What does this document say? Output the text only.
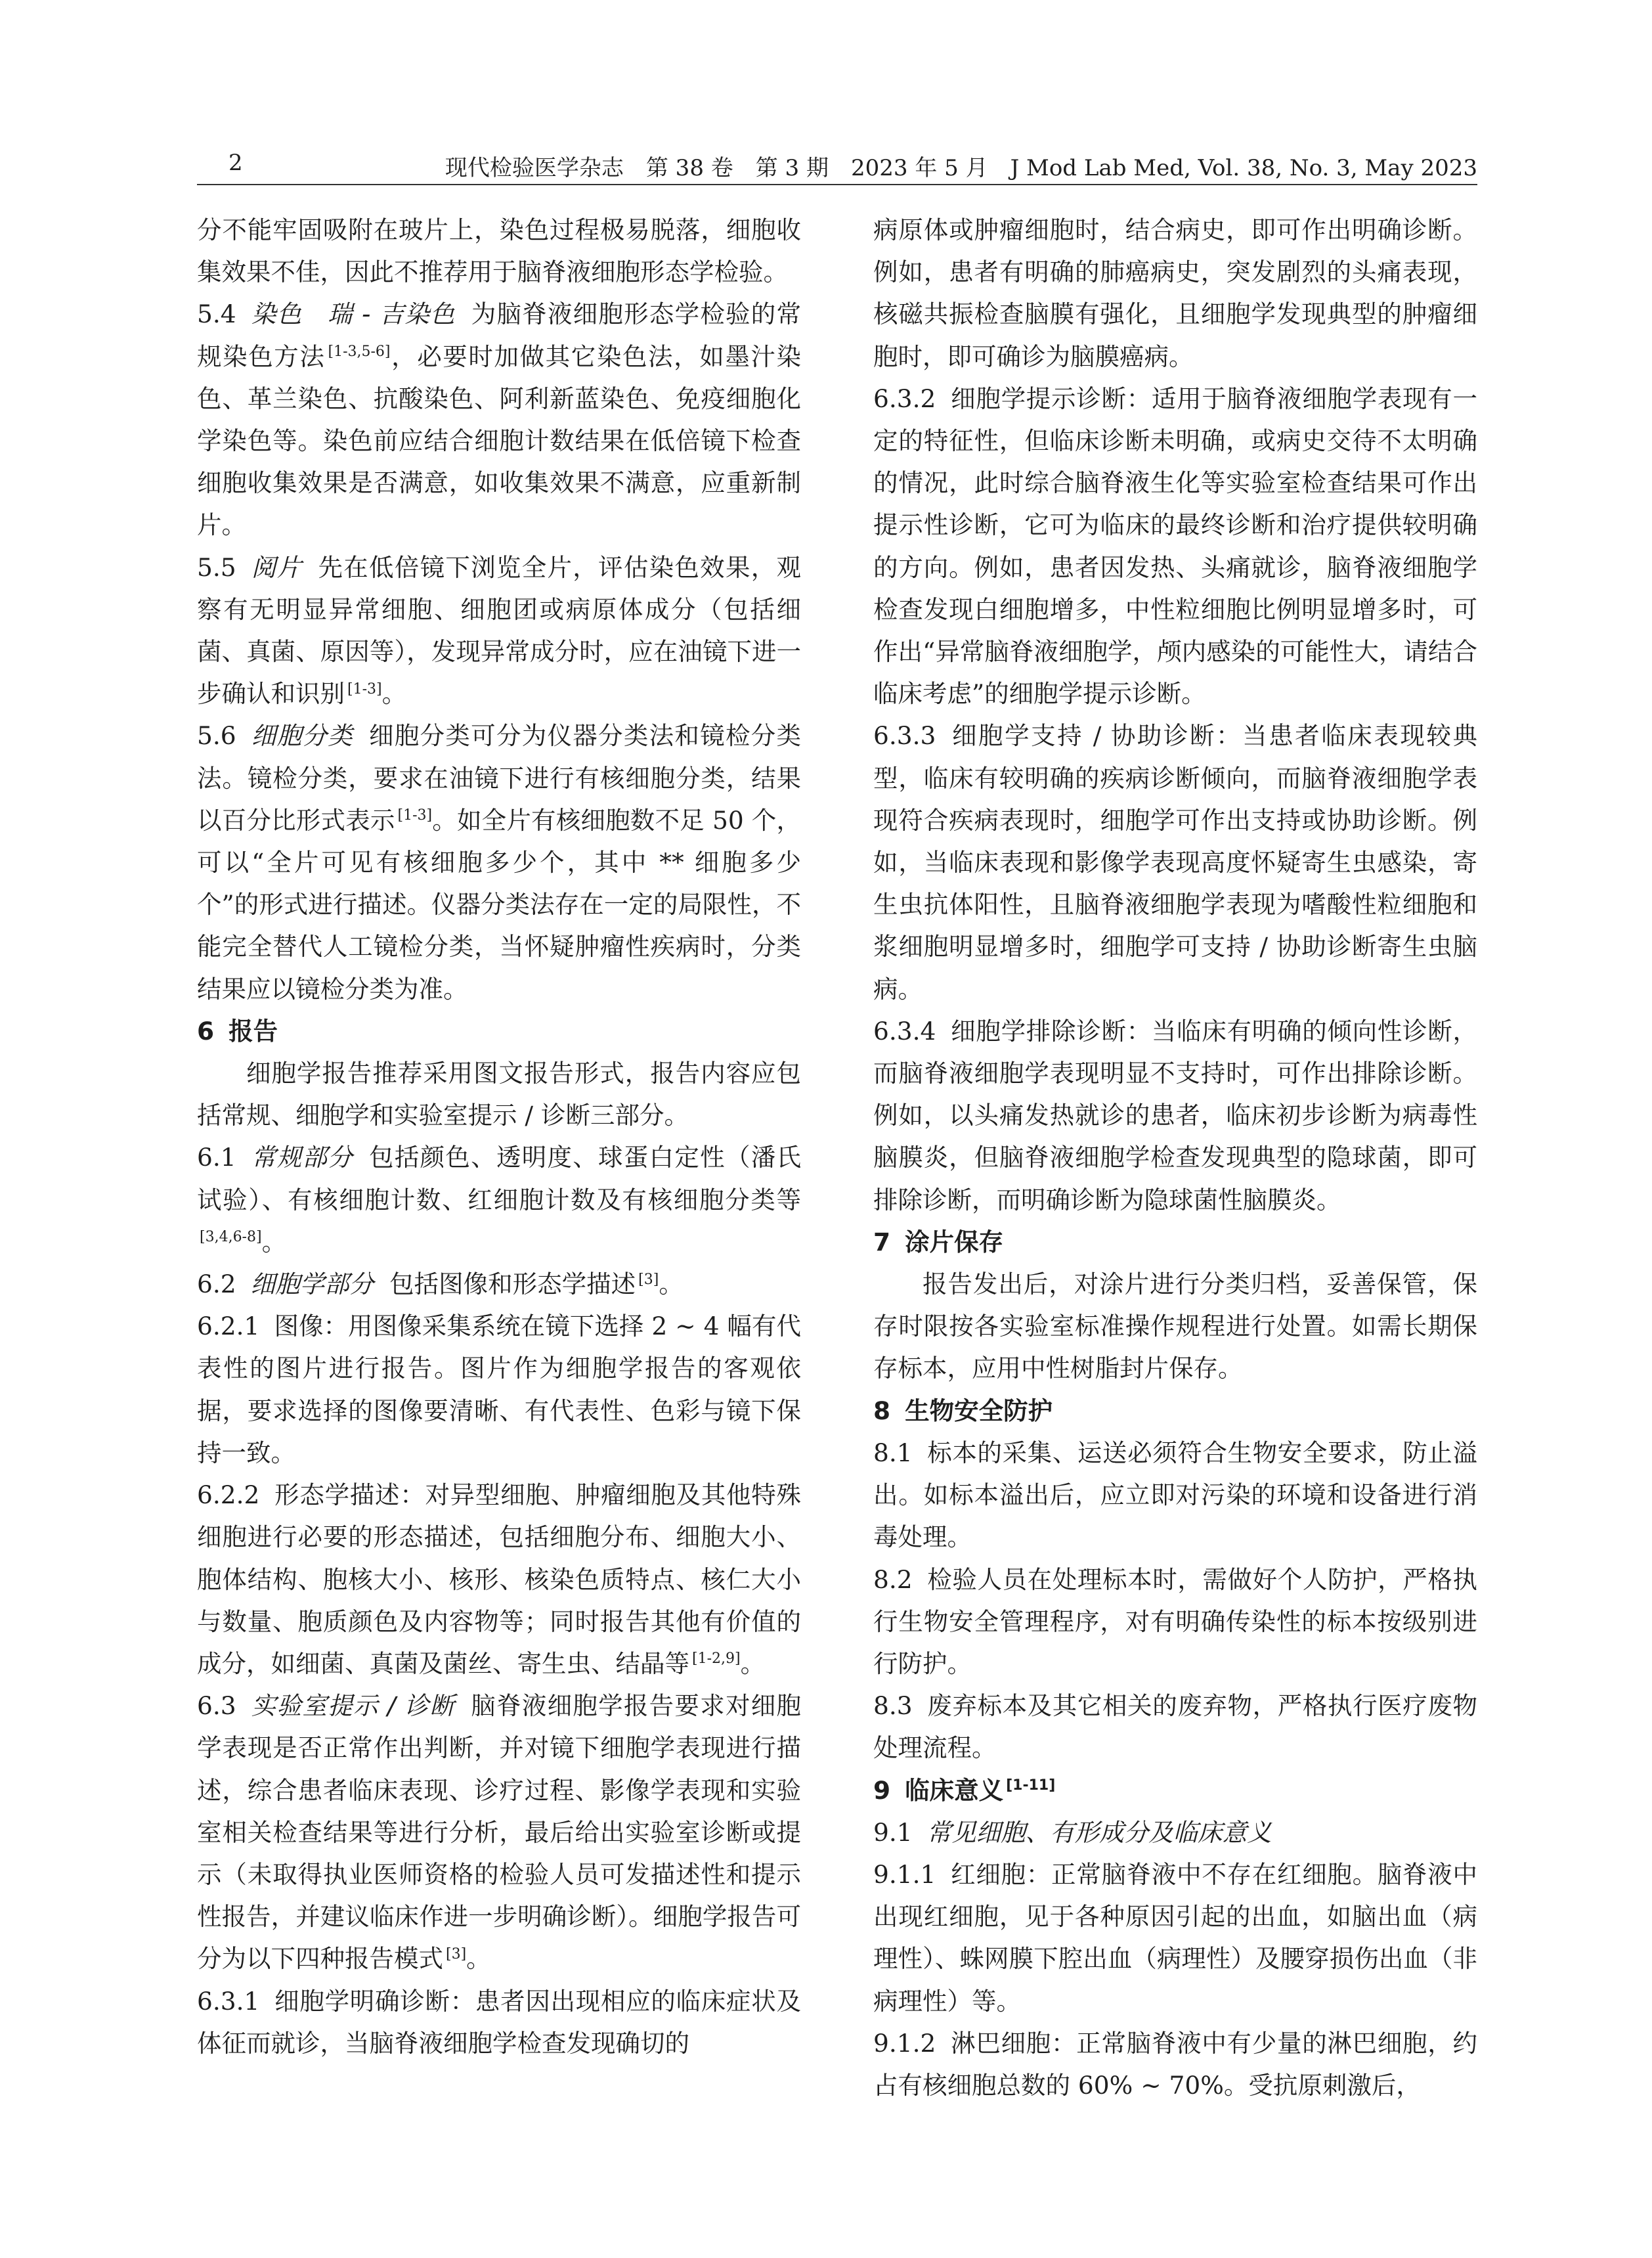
2	现代检验医学杂志　第 38 卷　第 3 期　2023 年 5 月　J Mod Lab Med, Vol. 38, No. 3, May 2023

分不能牢固吸附在玻片上，染色过程极易脱落，细胞收集效果不佳，因此不推荐用于脑脊液细胞形态学检验。

5.4 染色　瑞 - 吉染色 为脑脊液细胞形态学检验的常规染色方法 [1-3,5-6]，必要时加做其它染色法，如墨汁染色、革兰染色、抗酸染色、阿利新蓝染色、免疫细胞化学染色等。染色前应结合细胞计数结果在低倍镜下检查细胞收集效果是否满意，如收集效果不满意，应重新制片。

5.5 阅片 先在低倍镜下浏览全片，评估染色效果，观察有无明显异常细胞、细胞团或病原体成分（包括细菌、真菌、原因等），发现异常成分时，应在油镜下进一步确认和识别 [1-3]。

5.6 细胞分类 细胞分类可分为仪器分类法和镜检分类法。镜检分类，要求在油镜下进行有核细胞分类，结果以百分比形式表示 [1-3]。如全片有核细胞数不足 50 个，可以“全片可见有核细胞多少个，其中 ** 细胞多少个”的形式进行描述。仪器分类法存在一定的局限性，不能完全替代人工镜检分类，当怀疑肿瘤性疾病时，分类结果应以镜检分类为准。

6 报告

细胞学报告推荐采用图文报告形式，报告内容应包括常规、细胞学和实验室提示 / 诊断三部分。

6.1 常规部分 包括颜色、透明度、球蛋白定性（潘氏试验）、有核细胞计数、红细胞计数及有核细胞分类等[3,4,6-8]。

6.2 细胞学部分 包括图像和形态学描述 [3]。

6.2.1 图像：用图像采集系统在镜下选择 2 ~ 4 幅有代表性的图片进行报告。图片作为细胞学报告的客观依据，要求选择的图像要清晰、有代表性、色彩与镜下保持一致。

6.2.2 形态学描述：对异型细胞、肿瘤细胞及其他特殊细胞进行必要的形态描述，包括细胞分布、细胞大小、胞体结构、胞核大小、核形、核染色质特点、核仁大小与数量、胞质颜色及内容物等；同时报告其他有价值的成分，如细菌、真菌及菌丝、寄生虫、结晶等 [1-2,9]。

6.3 实验室提示 / 诊断 脑脊液细胞学报告要求对细胞学表现是否正常作出判断，并对镜下细胞学表现进行描述，综合患者临床表现、诊疗过程、影像学表现和实验室相关检查结果等进行分析，最后给出实验室诊断或提示（未取得执业医师资格的检验人员可发描述性和提示性报告，并建议临床作进一步明确诊断）。细胞学报告可分为以下四种报告模式 [3]。

6.3.1 细胞学明确诊断：患者因出现相应的临床症状及体征而就诊，当脑脊液细胞学检查发现确切的

病原体或肿瘤细胞时，结合病史，即可作出明确诊断。例如，患者有明确的肺癌病史，突发剧烈的头痛表现，核磁共振检查脑膜有强化，且细胞学发现典型的肿瘤细胞时，即可确诊为脑膜癌病。

6.3.2 细胞学提示诊断：适用于脑脊液细胞学表现有一定的特征性，但临床诊断未明确，或病史交待不太明确的情况，此时综合脑脊液生化等实验室检查结果可作出提示性诊断，它可为临床的最终诊断和治疗提供较明确的方向。例如，患者因发热、头痛就诊，脑脊液细胞学检查发现白细胞增多，中性粒细胞比例明显增多时，可作出“异常脑脊液细胞学，颅内感染的可能性大，请结合临床考虑”的细胞学提示诊断。

6.3.3 细胞学支持 / 协助诊断：当患者临床表现较典型，临床有较明确的疾病诊断倾向，而脑脊液细胞学表现符合疾病表现时，细胞学可作出支持或协助诊断。例如，当临床表现和影像学表现高度怀疑寄生虫感染，寄生虫抗体阳性，且脑脊液细胞学表现为嗜酸性粒细胞和浆细胞明显增多时，细胞学可支持 / 协助诊断寄生虫脑病。

6.3.4 细胞学排除诊断：当临床有明确的倾向性诊断，而脑脊液细胞学表现明显不支持时，可作出排除诊断。例如，以头痛发热就诊的患者，临床初步诊断为病毒性脑膜炎，但脑脊液细胞学检查发现典型的隐球菌，即可排除诊断，而明确诊断为隐球菌性脑膜炎。

7 涂片保存

报告发出后，对涂片进行分类归档，妥善保管，保存时限按各实验室标准操作规程进行处置。如需长期保存标本，应用中性树脂封片保存。

8 生物安全防护

8.1 标本的采集、运送必须符合生物安全要求，防止溢出。如标本溢出后，应立即对污染的环境和设备进行消毒处理。

8.2 检验人员在处理标本时，需做好个人防护，严格执行生物安全管理程序，对有明确传染性的标本按级别进行防护。

8.3 废弃标本及其它相关的废弃物，严格执行医疗废物处理流程。

9 临床意义 [1-11]

9.1 常见细胞、有形成分及临床意义

9.1.1 红细胞：正常脑脊液中不存在红细胞。脑脊液中出现红细胞，见于各种原因引起的出血，如脑出血（病理性）、蛛网膜下腔出血（病理性）及腰穿损伤出血（非病理性）等。

9.1.2 淋巴细胞：正常脑脊液中有少量的淋巴细胞，约占有核细胞总数的 60% ~ 70%。受抗原刺激后，
